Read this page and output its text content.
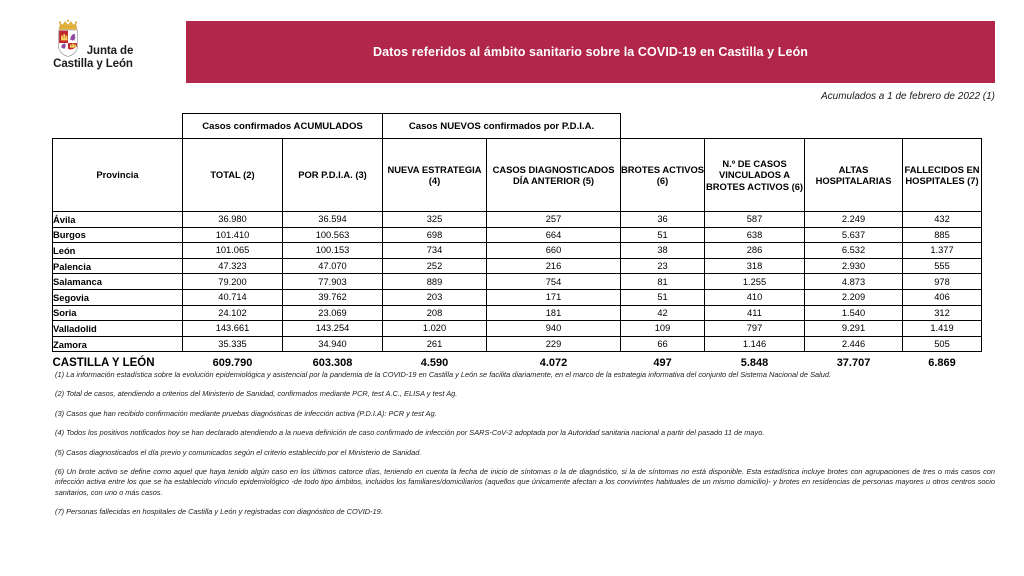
Junta de
Castilla y León
Datos referidos al ámbito sanitario sobre la COVID-19 en Castilla y León
Acumulados a 1 de febrero de 2022 (1)
	Casos confirmados ACUMULADOS		Casos NUEVOS confirmados por P.D.I.A.					
Provincia	TOTAL (2)	POR P.D.I.A. (3)	NUEVA ESTRATEGIA (4)	CASOS DIAGNOSTICADOS DÍA ANTERIOR (5)	BROTES ACTIVOS (6)	N.º DE CASOS VINCULADOS A BROTES ACTIVOS (6)	ALTAS HOSPITALARIAS	FALLECIDOS EN HOSPITALES (7)
Ávila	36.980	36.594	325	257	36	587	2.249	432
Burgos	101.410	100.563	698	664	51	638	5.637	885
León	101.065	100.153	734	660	38	286	6.532	1.377
Palencia	47.323	47.070	252	216	23	318	2.930	555
Salamanca	79.200	77.903	889	754	81	1.255	4.873	978
Segovia	40.714	39.762	203	171	51	410	2.209	406
Soria	24.102	23.069	208	181	42	411	1.540	312
Valladolid	143.661	143.254	1.020	940	109	797	9.291	1.419
Zamora	35.335	34.940	261	229	66	1.146	2.446	505
CASTILLA Y LEÓN	609.790	603.308	4.590	4.072	497	5.848	37.707	6.869
(1) La información estadística sobre la evolución epidemiológica y asistencial por la pandemia de la COVID-19 en Castilla y León se facilita diariamente, en el marco de la estrategia informativa del conjunto del Sistema Nacional de Salud.
(2) Total de casos, atendiendo a criterios del Ministerio de Sanidad, confirmados mediante PCR, test A.C., ELISA y test Ag.
(3) Casos que han recibido confirmación mediante pruebas diagnósticas de infección activa (P.D.I.A): PCR y test Ag.
(4) Todos los positivos notificados hoy se han declarado atendiendo a la nueva definición de caso confirmado de infección por SARS-CoV-2 adoptada por la Autoridad sanitaria nacional a partir del pasado 11 de mayo.
(5) Casos diagnosticados el día previo y comunicados según el criterio establecido por el Ministerio de Sanidad.
(6) Un brote activo se define como aquel que haya tenido algún caso en los últimos catorce días, teniendo en cuenta la fecha de inicio de síntomas o la de diagnóstico, si la de síntomas no está disponible. Esta estadística incluye brotes con agrupaciones de tres o más casos con infección activa entre los que se ha establecido vínculo epidemiológico -de todo tipo ámbitos, incluidos los familiares/domiciliarios (aquellos que únicamente afectan a los convivintes habituales de un mismo domicilio)- y brotes en residencias de personas mayores u otros centros socio sanitarios, con uno o más casos.
(7) Personas fallecidas en hospitales de Castilla y León y registradas con diagnóstico de COVID-19.
